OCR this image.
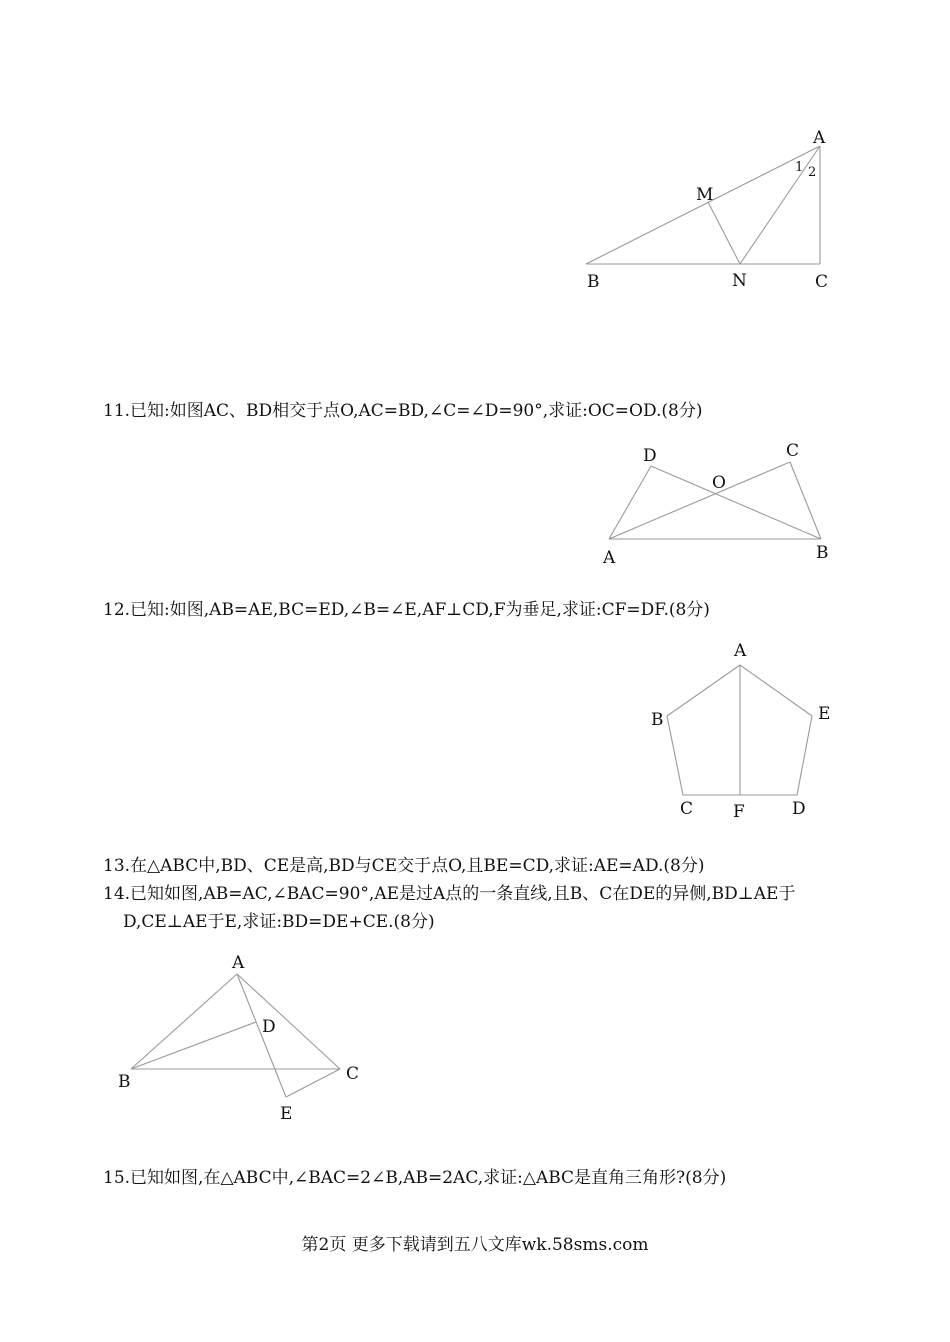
A
M
B	N	C
1 2
D	C
O
A	B
A
B	E
C F	D
A
D
B	C
E
11.已知:如图AC、BD相交于点O,AC=BD,∠C=∠D=90°,求证:OC=OD.(8分)
12.已知:如图,AB=AE,BC=ED,∠B=∠E,AF⊥CD,F为垂足,求证:CF=DF.(8分)
13.在△ABC中,BD、CE是高,BD与CE交于点O,且BE=CD,求证:AE=AD.(8分)
14.已知如图,AB=AC,∠BAC=90°,AE是过A点的一条直线,且B、C在DE的异侧,BD⊥AE于
D,CE⊥AE于E,求证:BD=DE+CE.(8分)
15.已知如图,在△ABC中,∠BAC=2∠B,AB=2AC,求证:△ABC是直角三角形?(8分)
第2页 更多下载请到五八文库wk.58sms.com
